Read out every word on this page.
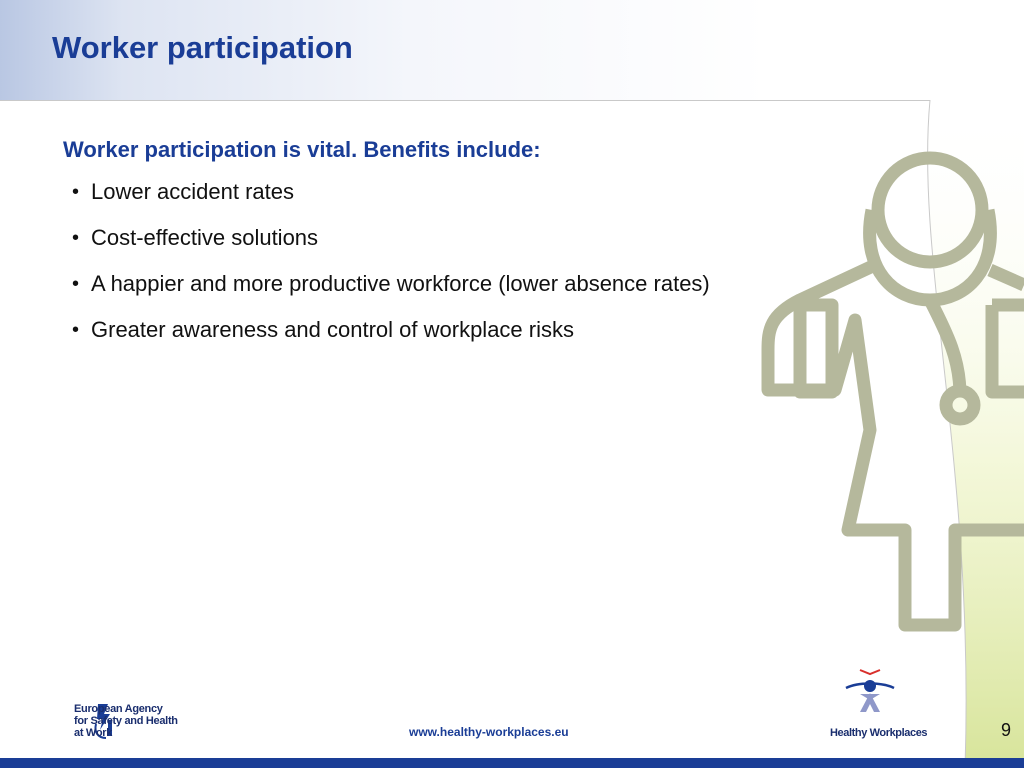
Worker participation

Worker participation is vital. Benefits include:

• Lower accident rates
• Cost-effective solutions
• A happier and more productive workforce (lower absence rates)
• Greater awareness and control of workplace risks
European Agency
for Safety and Health
at Work	www.healthy-workplaces.eu	Healthy Workplaces	9
